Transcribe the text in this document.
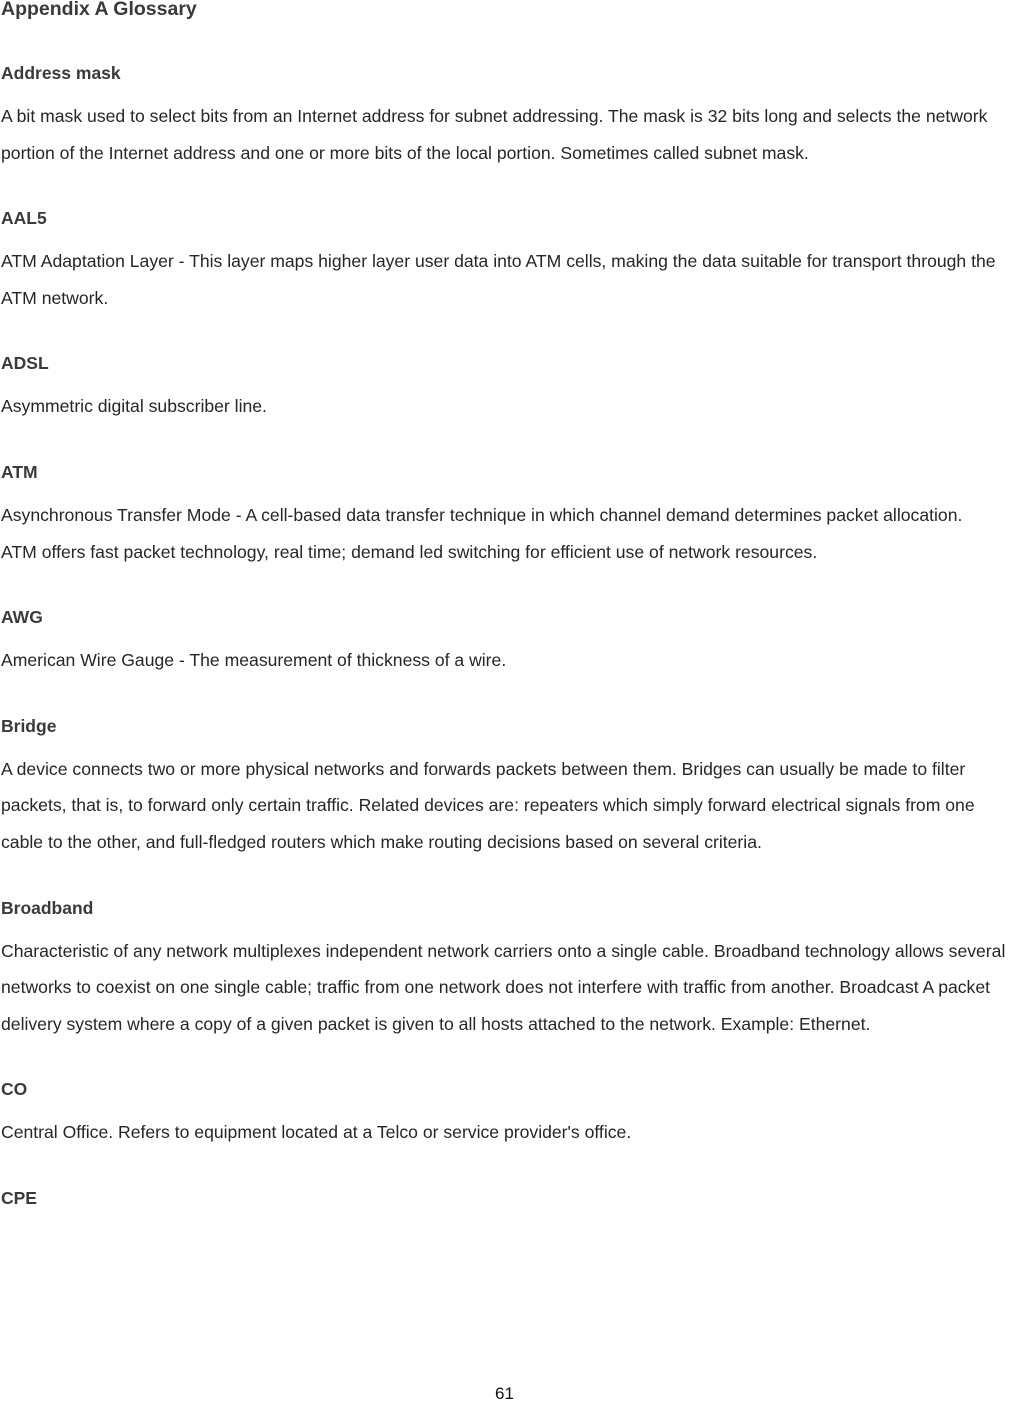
Appendix A Glossary
Address mask

A bit mask used to select bits from an Internet address for subnet addressing. The mask is 32 bits long and selects the network portion of the Internet address and one or more bits of the local portion. Sometimes called subnet mask.

AAL5

ATM Adaptation Layer - This layer maps higher layer user data into ATM cells, making the data suitable for transport through the ATM network.

ADSL

Asymmetric digital subscriber line.

ATM

Asynchronous Transfer Mode - A cell-based data transfer technique in which channel demand determines packet allocation.

ATM offers fast packet technology, real time; demand led switching for efficient use of network resources.

AWG

American Wire Gauge - The measurement of thickness of a wire.

Bridge

A device connects two or more physical networks and forwards packets between them. Bridges can usually be made to filter packets, that is, to forward only certain traffic. Related devices are: repeaters which simply forward electrical signals from one cable to the other, and full-fledged routers which make routing decisions based on several criteria.

Broadband

Characteristic of any network multiplexes independent network carriers onto a single cable. Broadband technology allows several networks to coexist on one single cable; traffic from one network does not interfere with traffic from another. Broadcast A packet delivery system where a copy of a given packet is given to all hosts attached to the network. Example: Ethernet.

CO

Central Office. Refers to equipment located at a Telco or service provider's office.

CPE
61
